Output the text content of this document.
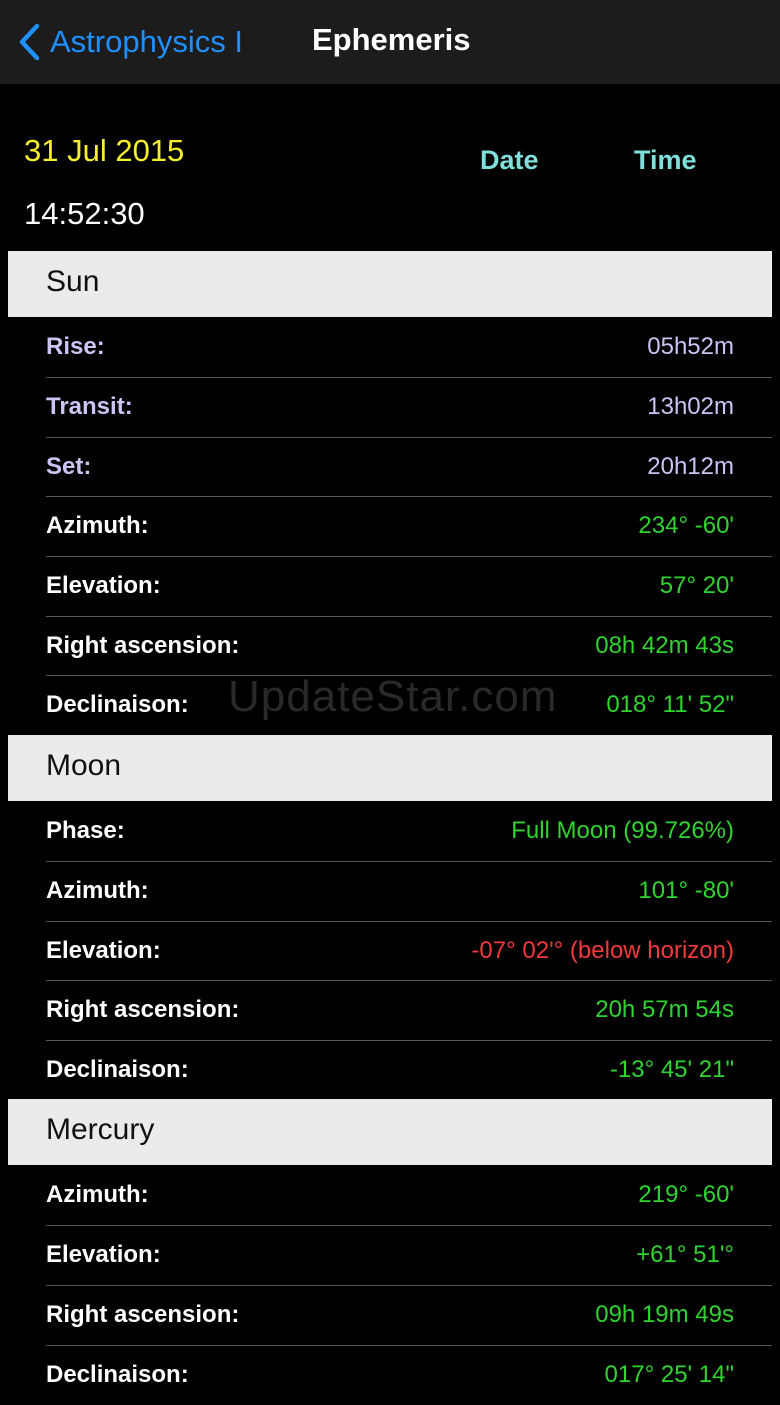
Astrophysics I Ephemeris
31 Jul 2015
14:52:30
Date	Time
Sun
Rise:	05h52m
Transit:	13h02m
Set:	20h12m
Azimuth:	234° -60'
Elevation:	57° 20'
Right ascension:	08h 42m 43s
Declinaison:	018° 11' 52"
Moon
Phase:	Full Moon (99.726%)
Azimuth:	101° -80'
Elevation:	-07° 02'° (below horizon)
Right ascension:	20h 57m 54s
Declinaison:	-13° 45' 21"
Mercury
Azimuth:	219° -60'
Elevation:	+61° 51'°
Right ascension:	09h 19m 49s
Declinaison:	017° 25' 14"
UpdateStar.com
